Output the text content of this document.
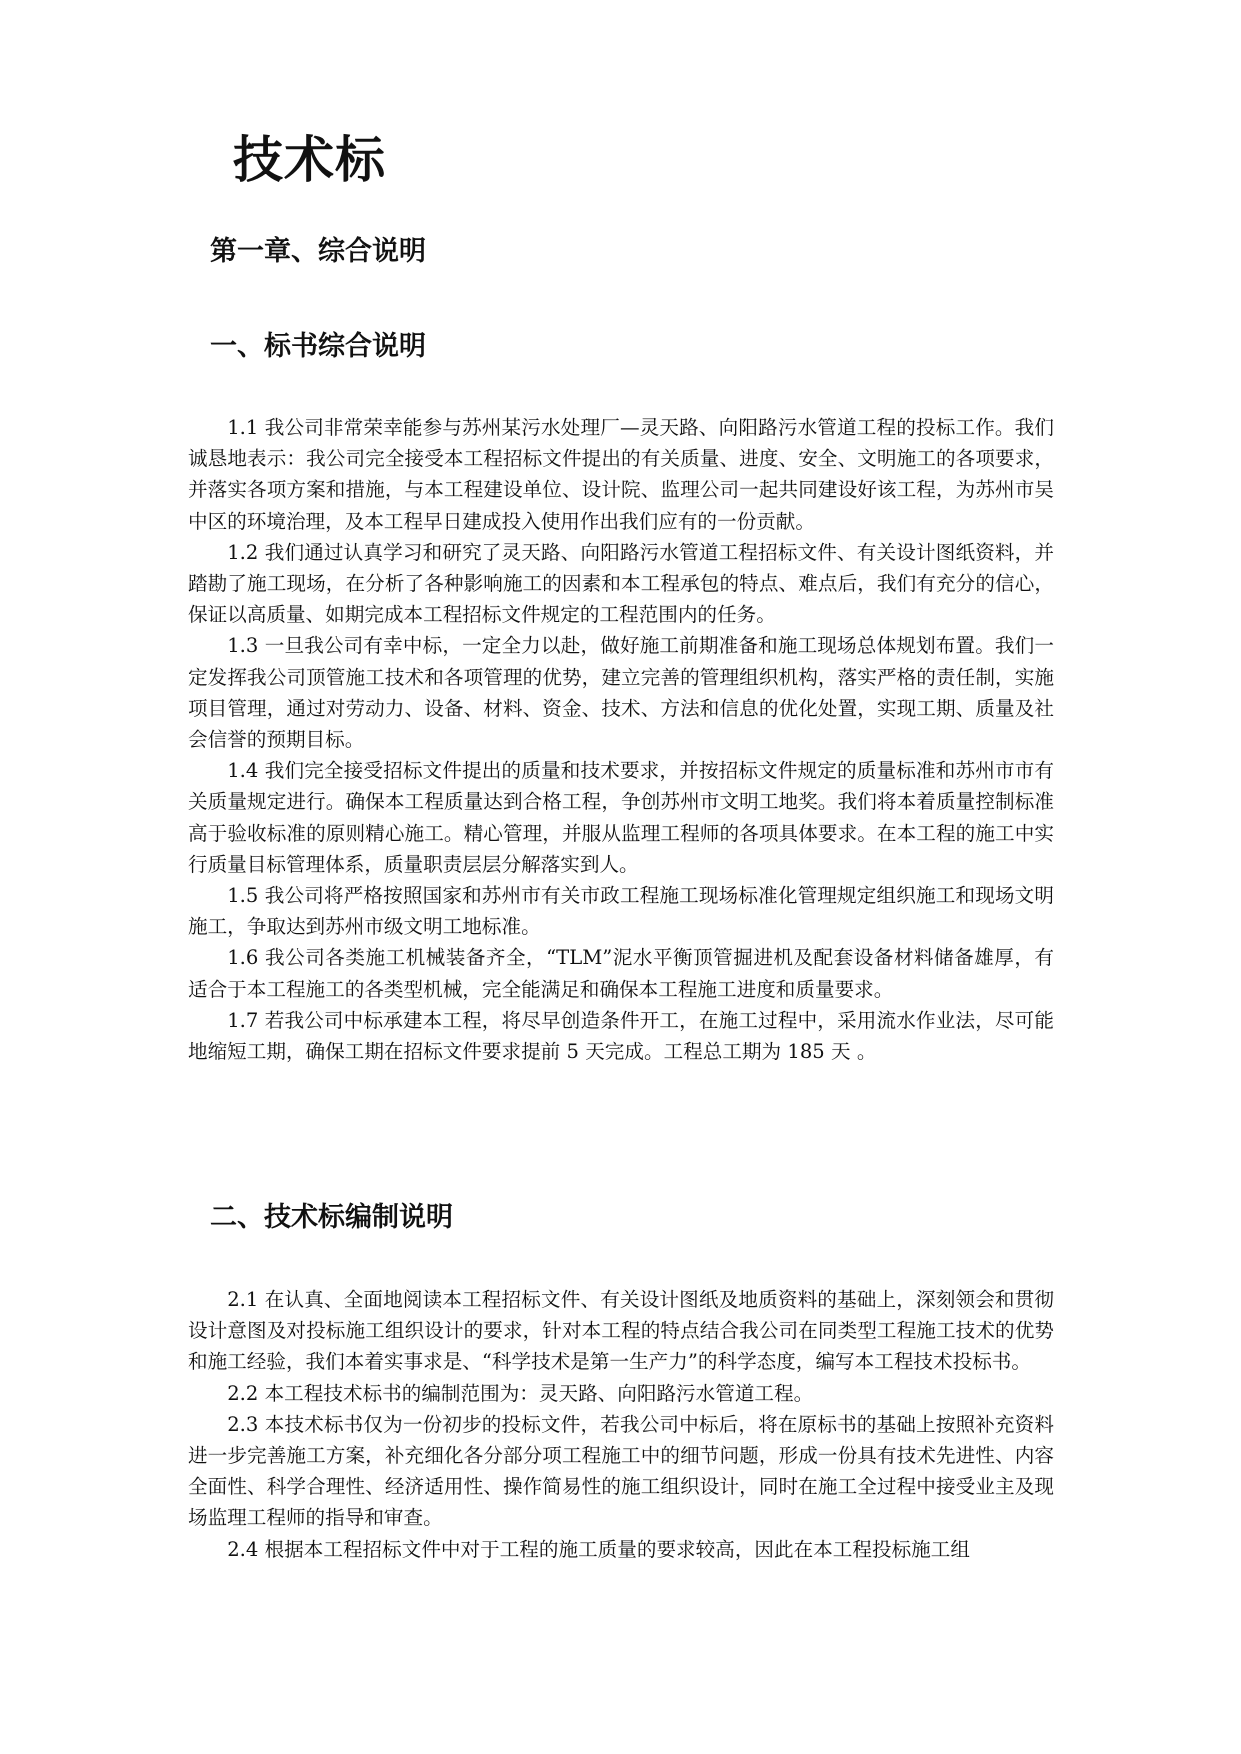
技术标
第一章、综合说明
一、标书综合说明

1.1 我公司非常荣幸能参与苏州某污水处理厂—灵天路、向阳路污水管道工程的投标工作。我们诚恳地表示：我公司完全接受本工程招标文件提出的有关质量、进度、安全、文明施工的各项要求，并落实各项方案和措施，与本工程建设单位、设计院、监理公司一起共同建设好该工程，为苏州市吴中区的环境治理，及本工程早日建成投入使用作出我们应有的一份贡献。

1.2 我们通过认真学习和研究了灵天路、向阳路污水管道工程招标文件、有关设计图纸资料，并踏勘了施工现场，在分析了各种影响施工的因素和本工程承包的特点、难点后，我们有充分的信心，保证以高质量、如期完成本工程招标文件规定的工程范围内的任务。

1.3 一旦我公司有幸中标，一定全力以赴，做好施工前期准备和施工现场总体规划布置。我们一定发挥我公司顶管施工技术和各项管理的优势，建立完善的管理组织机构，落实严格的责任制，实施项目管理，通过对劳动力、设备、材料、资金、技术、方法和信息的优化处置，实现工期、质量及社会信誉的预期目标。

1.4 我们完全接受招标文件提出的质量和技术要求，并按招标文件规定的质量标准和苏州市市有关质量规定进行。确保本工程质量达到合格工程，争创苏州市文明工地奖。我们将本着质量控制标准高于验收标准的原则精心施工。精心管理，并服从监理工程师的各项具体要求。在本工程的施工中实行质量目标管理体系，质量职责层层分解落实到人。

1.5 我公司将严格按照国家和苏州市有关市政工程施工现场标准化管理规定组织施工和现场文明施工，争取达到苏州市级文明工地标准。

1.6 我公司各类施工机械装备齐全，“TLM”泥水平衡顶管掘进机及配套设备材料储备雄厚，有适合于本工程施工的各类型机械，完全能满足和确保本工程施工进度和质量要求。

1.7 若我公司中标承建本工程，将尽早创造条件开工，在施工过程中，采用流水作业法，尽可能地缩短工期，确保工期在招标文件要求提前 5 天完成。工程总工期为 185 天 。

二、技术标编制说明

2.1 在认真、全面地阅读本工程招标文件、有关设计图纸及地质资料的基础上，深刻领会和贯彻设计意图及对投标施工组织设计的要求，针对本工程的特点结合我公司在同类型工程施工技术的优势和施工经验，我们本着实事求是、“科学技术是第一生产力”的科学态度，编写本工程技术投标书。

2.2 本工程技术标书的编制范围为：灵天路、向阳路污水管道工程。

2.3 本技术标书仅为一份初步的投标文件，若我公司中标后，将在原标书的基础上按照补充资料进一步完善施工方案，补充细化各分部分项工程施工中的细节问题，形成一份具有技术先进性、内容全面性、科学合理性、经济适用性、操作简易性的施工组织设计，同时在施工全过程中接受业主及现场监理工程师的指导和审查。

2.4 根据本工程招标文件中对于工程的施工质量的要求较高，因此在本工程投标施工组
